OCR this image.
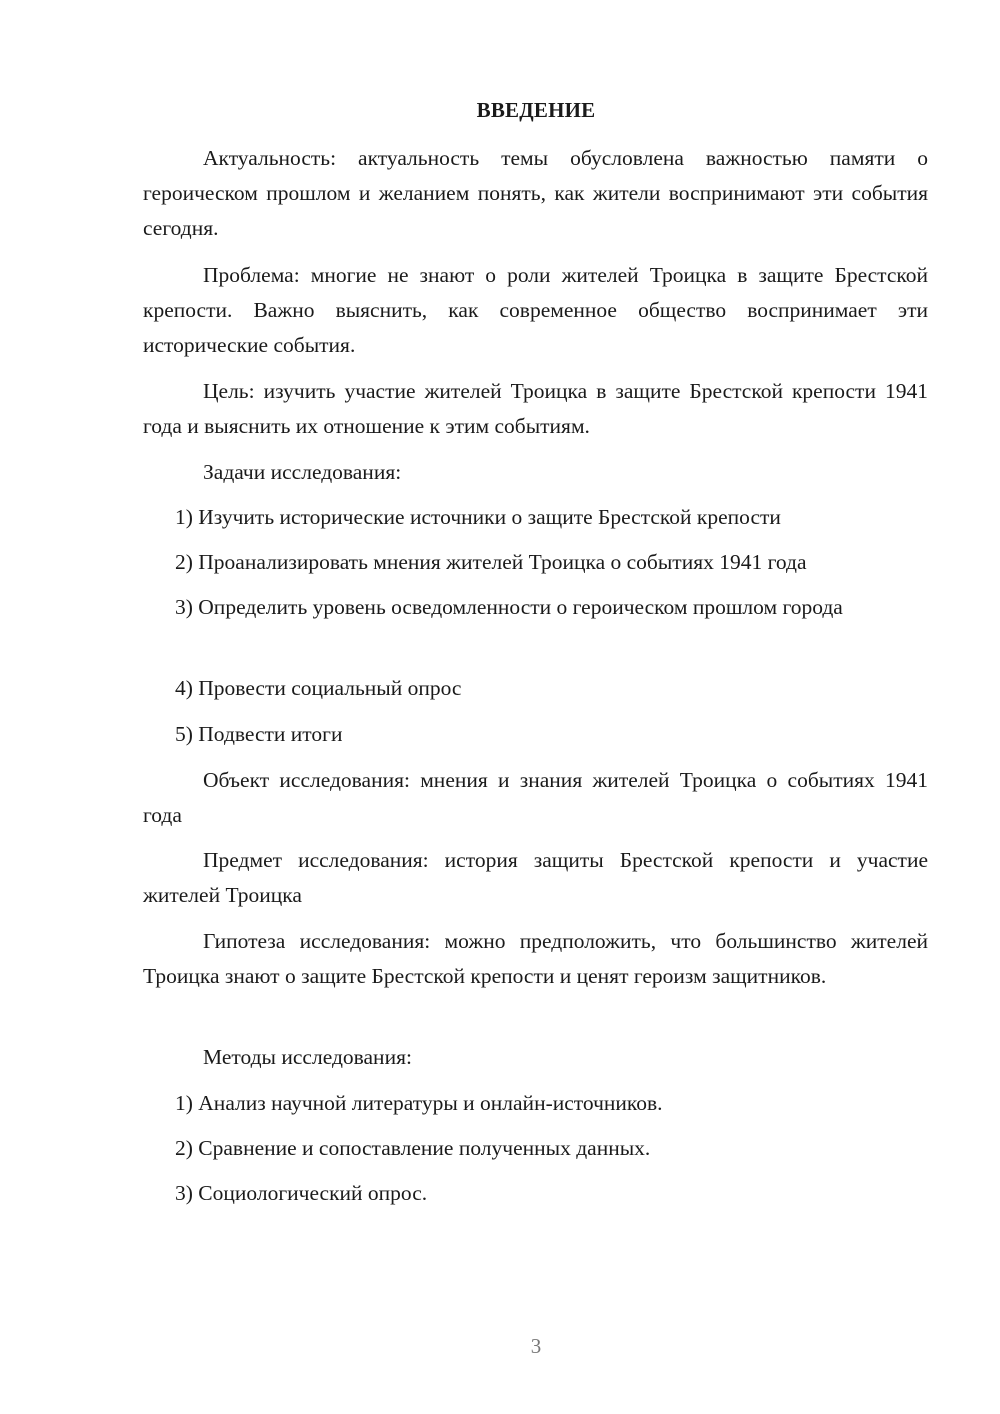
ВВЕДЕНИЕ

Актуальность: актуальность темы обусловлена важностью памяти о героическом прошлом и желанием понять, как жители воспринимают эти события сегодня.

Проблема: многие не знают о роли жителей Троицка в защите Брестской крепости. Важно выяснить, как современное общество воспринимает эти исторические события.

Цель: изучить участие жителей Троицка в защите Брестской крепости 1941 года и выяснить их отношение к этим событиям.

Задачи исследования:

1) Изучить исторические источники о защите Брестской крепости

2) Проанализировать мнения жителей Троицка о событиях 1941 года

3) Определить уровень осведомленности о героическом прошлом города

4) Провести социальный опрос

5) Подвести итоги

Объект исследования: мнения и знания жителей Троицка о событиях 1941 года

Предмет исследования: история защиты Брестской крепости и участие жителей Троицка

Гипотеза исследования: можно предположить, что большинство жителей Троицка знают о защите Брестской крепости и ценят героизм защитников.

Методы исследования:

1) Анализ научной литературы и онлайн-источников.

2) Сравнение и сопоставление полученных данных.

3) Социологический опрос.

3
